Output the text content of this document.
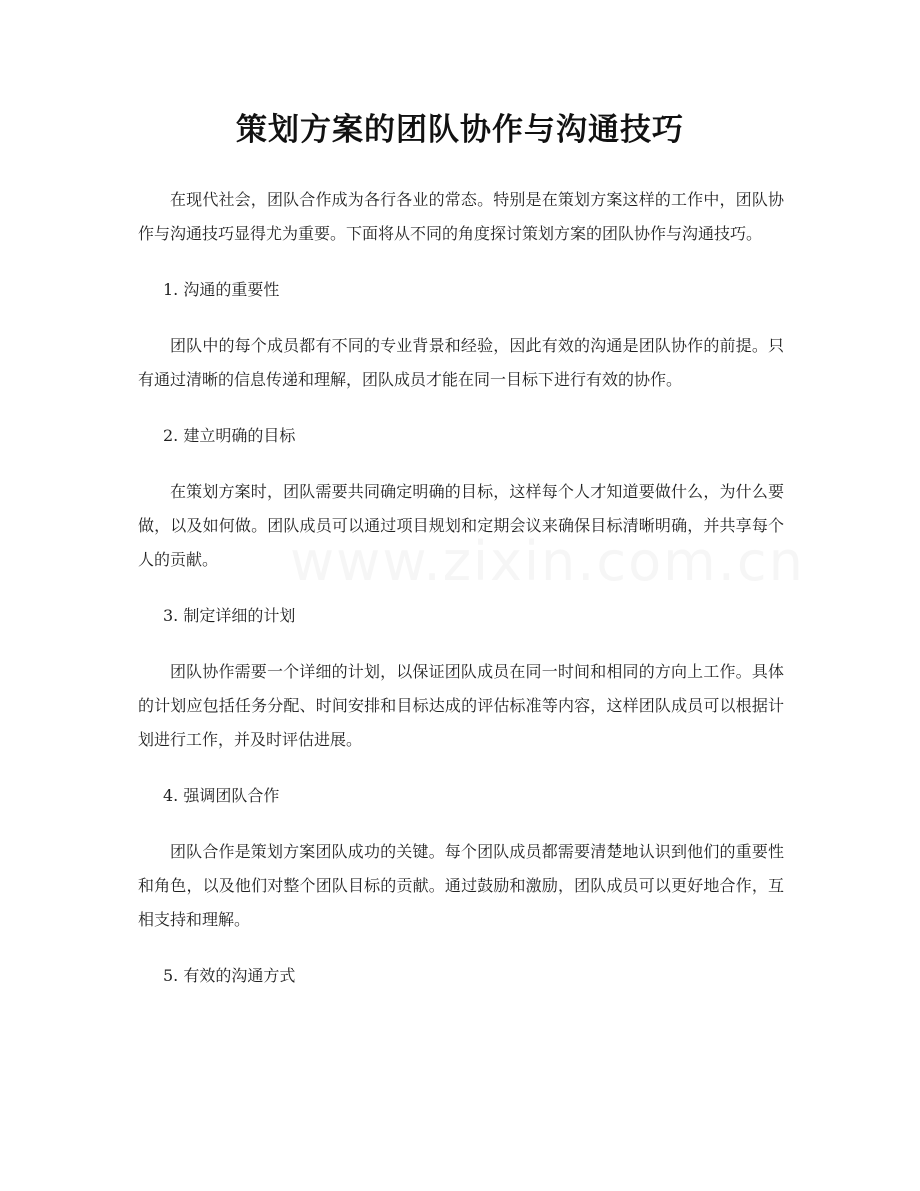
策划方案的团队协作与沟通技巧
www.zixin.com.cn

在现代社会，团队合作成为各行各业的常态。特别是在策划方案这样的工作中，团队协作与沟通技巧显得尤为重要。下面将从不同的角度探讨策划方案的团队协作与沟通技巧。

1. 沟通的重要性

团队中的每个成员都有不同的专业背景和经验，因此有效的沟通是团队协作的前提。只有通过清晰的信息传递和理解，团队成员才能在同一目标下进行有效的协作。

2. 建立明确的目标

在策划方案时，团队需要共同确定明确的目标，这样每个人才知道要做什么，为什么要做，以及如何做。团队成员可以通过项目规划和定期会议来确保目标清晰明确，并共享每个人的贡献。

3. 制定详细的计划

团队协作需要一个详细的计划，以保证团队成员在同一时间和相同的方向上工作。具体的计划应包括任务分配、时间安排和目标达成的评估标准等内容，这样团队成员可以根据计划进行工作，并及时评估进展。

4. 强调团队合作

团队合作是策划方案团队成功的关键。每个团队成员都需要清楚地认识到他们的重要性和角色，以及他们对整个团队目标的贡献。通过鼓励和激励，团队成员可以更好地合作，互相支持和理解。

5. 有效的沟通方式
